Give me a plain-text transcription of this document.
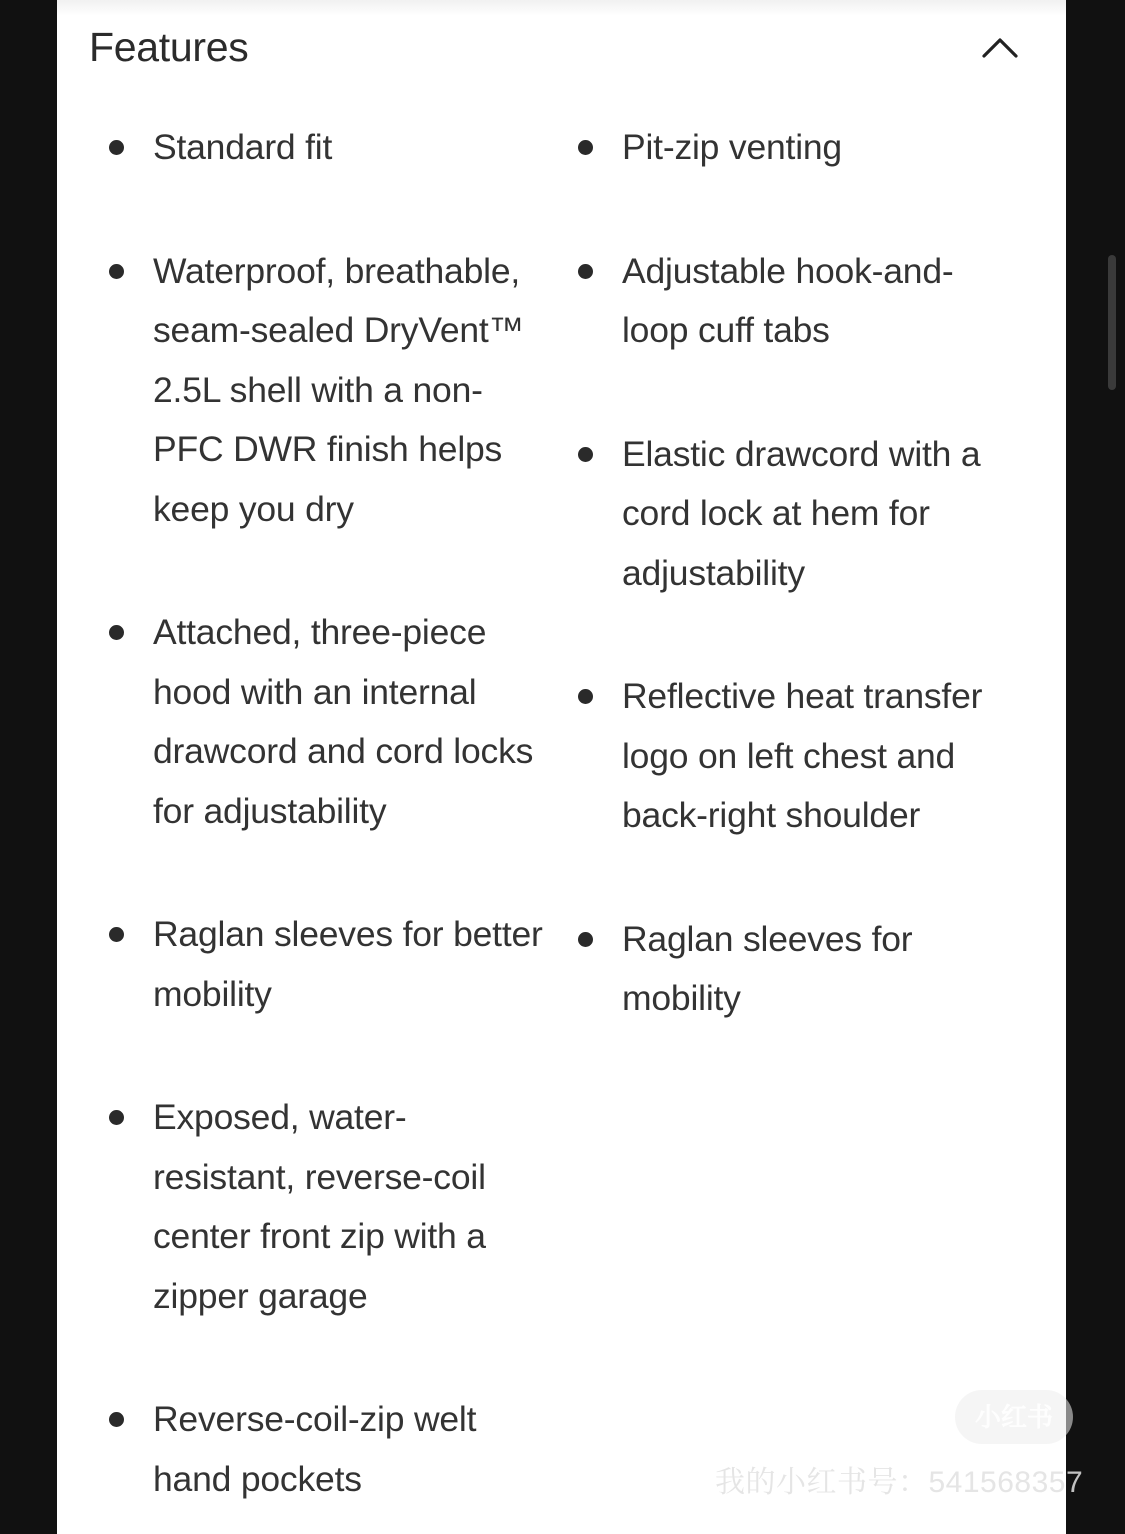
Features
Standard fit
Waterproof, breathable, seam-sealed DryVent™ 2.5L shell with a non-PFC DWR finish helps keep you dry
Attached, three-piece hood with an internal drawcord and cord locks for adjustability
Raglan sleeves for better mobility
Exposed, water-resistant, reverse-coil center front zip with a zipper garage
Reverse-coil-zip welt hand pockets
Pit-zip venting
Adjustable hook-and-loop cuff tabs
Elastic drawcord with a cord lock at hem for adjustability
Reflective heat transfer logo on left chest and back-right shoulder
Raglan sleeves for mobility
小红书
我的小红书号：541568357
